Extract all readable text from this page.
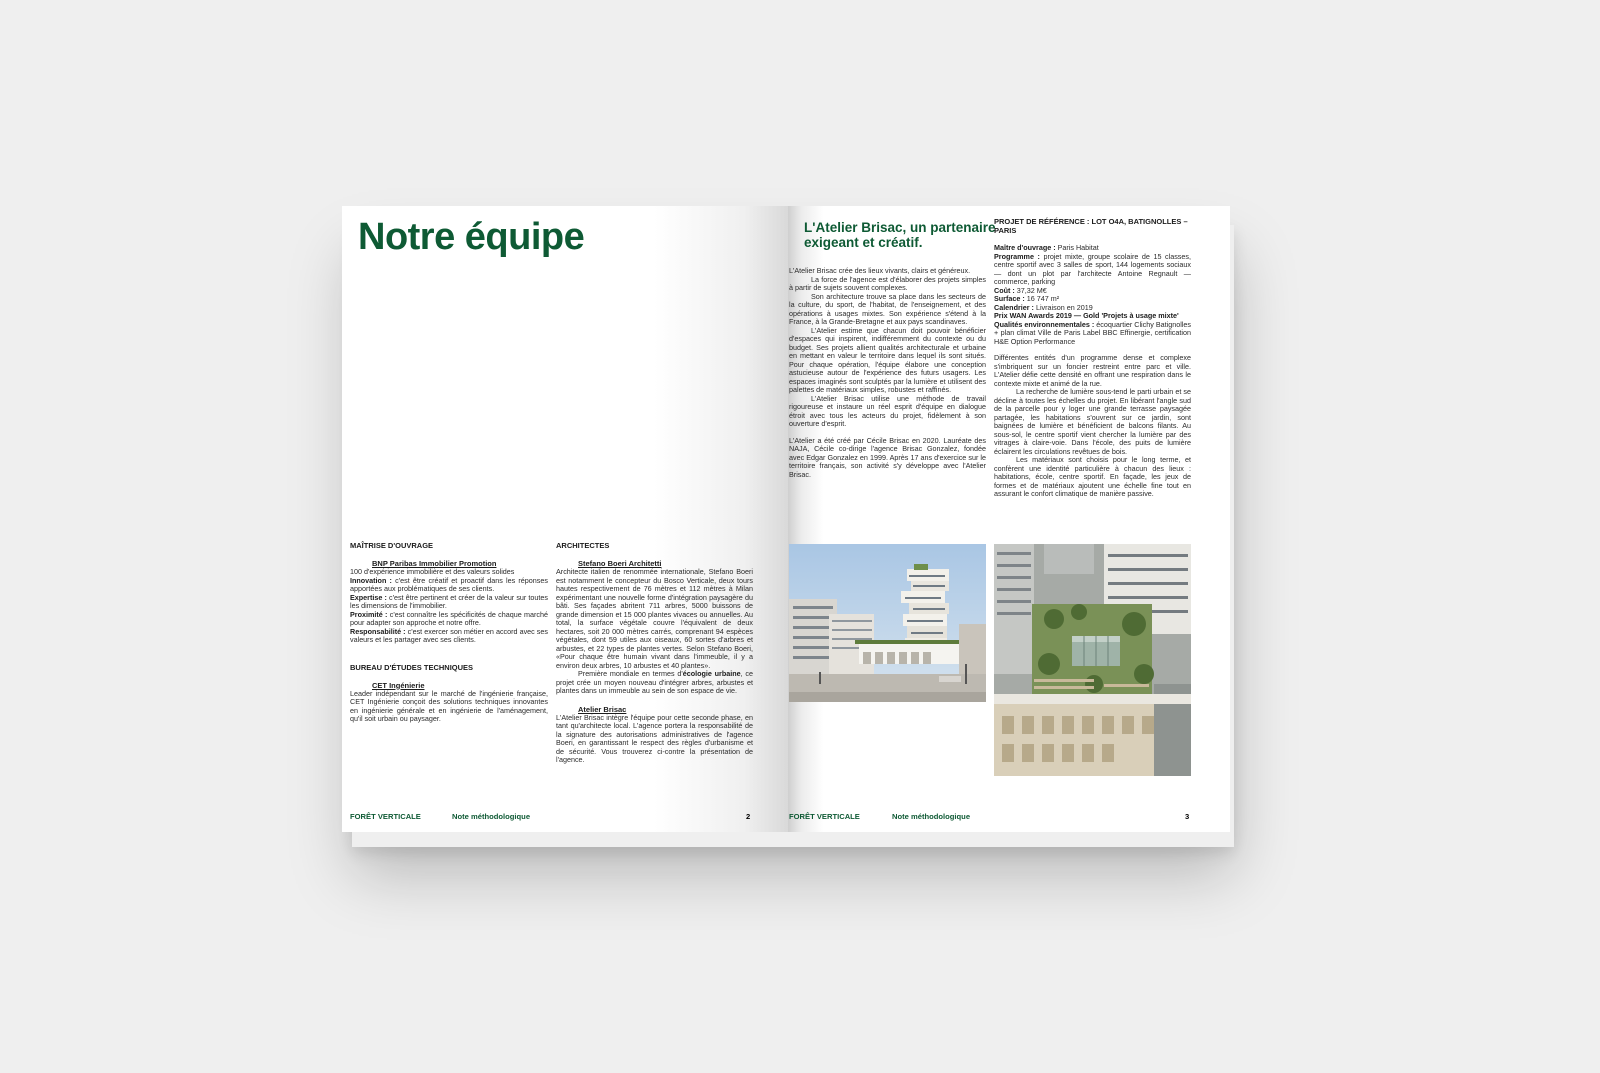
Notre équipe

MAÎTRISE D'OUVRAGE

BNP Paribas Immobilier Promotion

100 d'expérience immobilière et des valeurs solides

Innovation : c'est être créatif et proactif dans les réponses apportées aux problématiques de ses clients.

Expertise : c'est être pertinent et créer de la valeur sur toutes les dimensions de l'immobilier.

Proximité : c'est connaître les spécificités de chaque marché pour adapter son approche et notre offre.

Responsabilité : c'est exercer son métier en accord avec ses valeurs et les partager avec ses clients.

BUREAU D'ÉTUDES TECHNIQUES

CET Ingénierie

Leader indépendant sur le marché de l'ingénierie française, CET Ingénierie conçoit des solutions techniques innovantes en ingénierie générale et en ingénierie de l'aménagement, qu'il soit urbain ou paysager.

ARCHITECTES

Stefano Boeri Architetti

Architecte italien de renommée internationale, Stefano Boeri est notamment le concepteur du Bosco Verticale, deux tours hautes respectivement de 76 mètres et 112 mètres à Milan expérimentant une nouvelle forme d'intégration paysagère du bâti. Ses façades abritent 711 arbres, 5000 buissons de grande dimension et 15 000 plantes vivaces ou annuelles. Au total, la surface végétale couvre l'équivalent de deux hectares, soit 20 000 mètres carrés, comprenant 94 espèces végétales, dont 59 utiles aux oiseaux, 60 sortes d'arbres et arbustes, et 22 types de plantes vertes. Selon Stefano Boeri, «Pour chaque être humain vivant dans l'immeuble, il y a environ deux arbres, 10 arbustes et 40 plantes».

Première mondiale en termes d'écologie urbaine, ce projet crée un moyen nouveau d'intégrer arbres, arbustes et plantes dans un immeuble au sein de son espace de vie.

Atelier Brisac

L'Atelier Brisac intègre l'équipe pour cette seconde phase, en tant qu'architecte local. L'agence portera la responsabilité de la signature des autorisations administratives de l'agence Boeri, en garantissant le respect des règles d'urbanisme et de sécurité. Vous trouverez ci-contre la présentation de l'agence.

FORÊT VERTICALE	Note méthodologique	2
L'Atelier Brisac, un partenaire exigeant et créatif.

L'Atelier Brisac crée des lieux vivants, clairs et généreux.

La force de l'agence est d'élaborer des projets simples à partir de sujets souvent complexes.

Son architecture trouve sa place dans les secteurs de la culture, du sport, de l'habitat, de l'enseignement, et des opérations à usages mixtes. Son expérience s'étend à la France, à la Grande-Bretagne et aux pays scandinaves.

L'Atelier estime que chacun doit pouvoir bénéficier d'espaces qui inspirent, indifféremment du contexte ou du budget. Ses projets allient qualités architecturale et urbaine en mettant en valeur le territoire dans lequel ils sont situés. Pour chaque opération, l'équipe élabore une conception astucieuse autour de l'expérience des futurs usagers. Les espaces imaginés sont sculptés par la lumière et utilisent des palettes de matériaux simples, robustes et raffinés.

L'Atelier Brisac utilise une méthode de travail rigoureuse et instaure un réel esprit d'équipe en dialogue étroit avec tous les acteurs du projet, fidèlement à son ouverture d'esprit.

L'Atelier a été créé par Cécile Brisac en 2020. Lauréate des NAJA, Cécile co-dirige l'agence Brisac Gonzalez, fondée avec Edgar Gonzalez en 1999. Après 17 ans d'exercice sur le territoire français, son activité s'y développe avec l'Atelier Brisac.

PROJET DE RÉFÉRENCE : LOT O4A, BATIGNOLLES – PARIS

Maître d'ouvrage : Paris Habitat

Programme : projet mixte, groupe scolaire de 15 classes, centre sportif avec 3 salles de sport, 144 logements sociaux — dont un plot par l'architecte Antoine Regnault — commerce, parking

Coût : 37,32 M€

Surface : 16 747 m²

Calendrier : Livraison en 2019

Prix WAN Awards 2019 — Gold 'Projets à usage mixte'

Qualités environnementales : écoquartier Clichy Batignolles + plan climat Ville de Paris Label BBC Effinergie, certification H&E Option Performance

Différentes entités d'un programme dense et complexe s'imbriquent sur un foncier restreint entre parc et ville. L'Atelier défie cette densité en offrant une respiration dans le contexte mixte et animé de la rue.

La recherche de lumière sous-tend le parti urbain et se décline à toutes les échelles du projet. En libérant l'angle sud de la parcelle pour y loger une grande terrasse paysagée partagée, les habitations s'ouvrent sur ce jardin, sont baignées de lumière et bénéficient de balcons filants. Au sous-sol, le centre sportif vient chercher la lumière par des vitrages à claire-voie. Dans l'école, des puits de lumière éclairent les circulations revêtues de bois.

Les matériaux sont choisis pour le long terme, et confèrent une identité particulière à chacun des lieux : habitations, école, centre sportif. En façade, les jeux de formes et de matériaux ajoutent une échelle fine tout en assurant le confort climatique de manière passive.

FORÊT VERTICALE	Note méthodologique	3
